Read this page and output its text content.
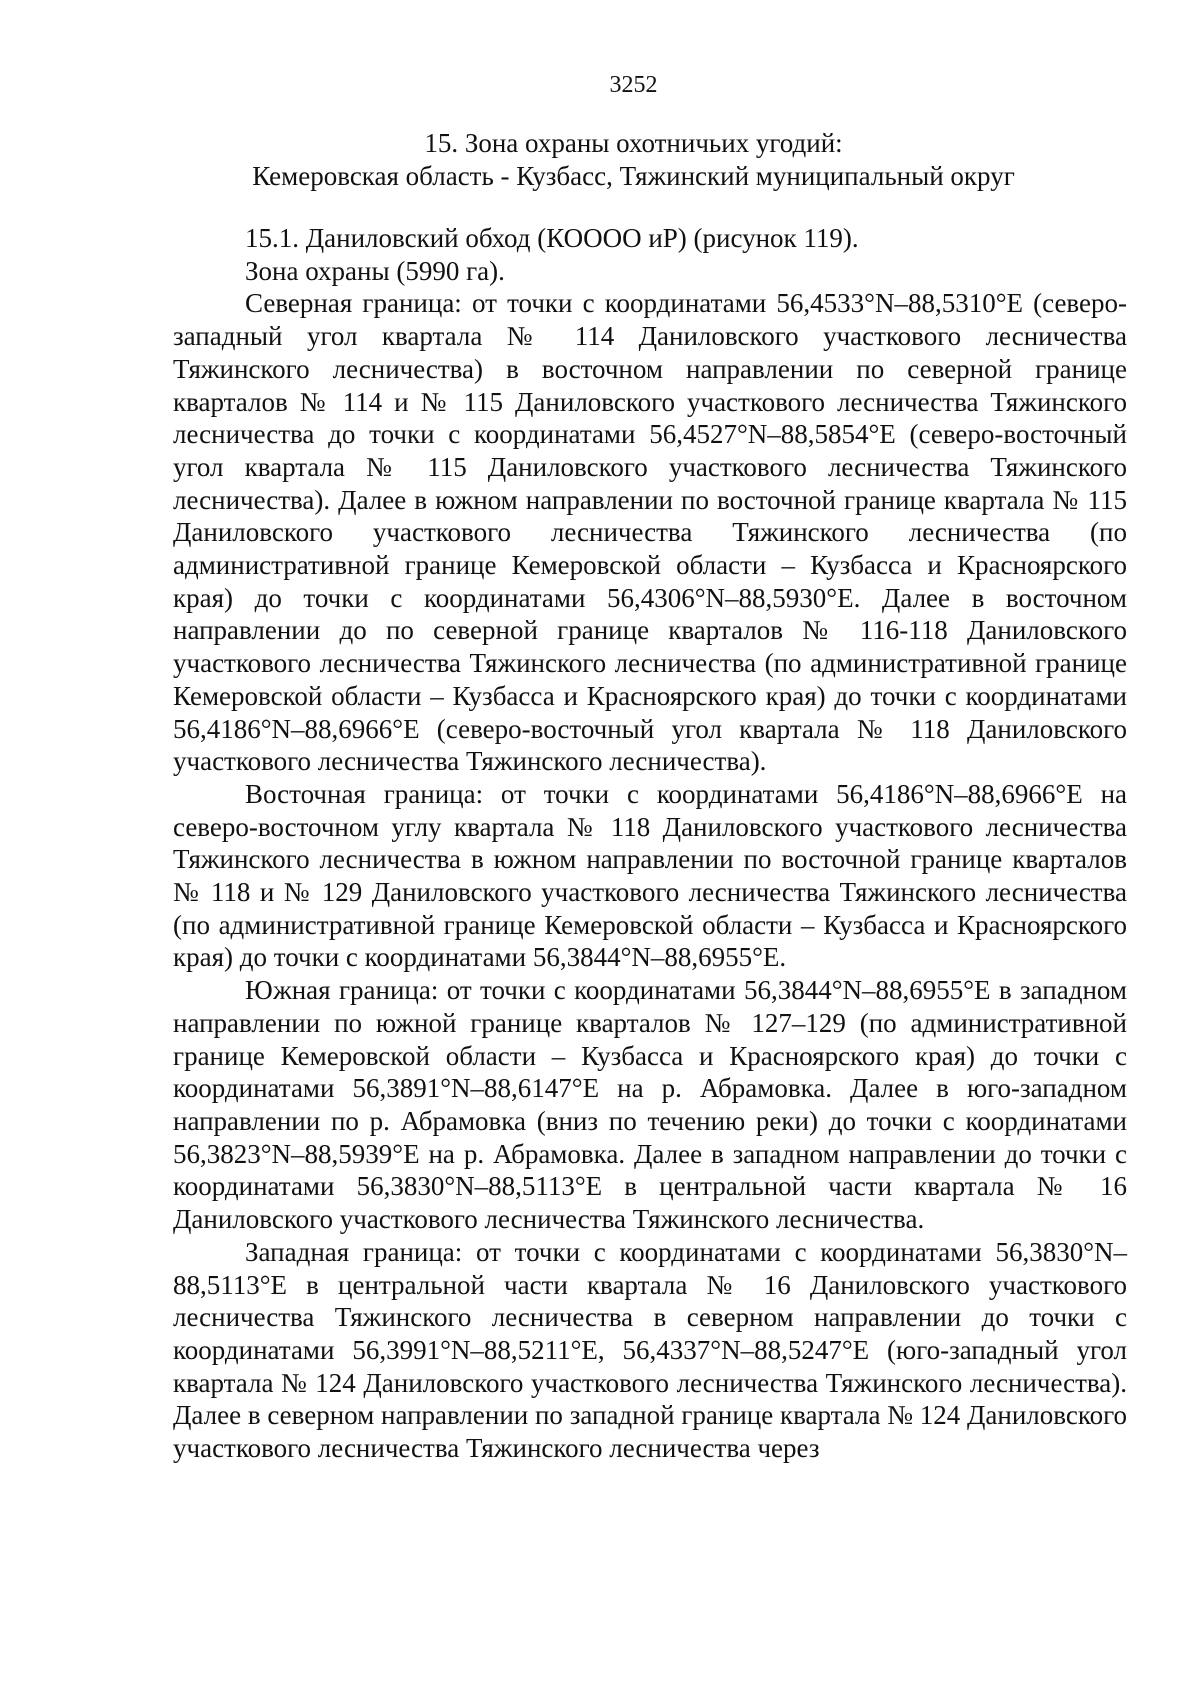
3252
15. Зона охраны охотничьих угодий:
Кемеровская область - Кузбасс, Тяжинский муниципальный округ

15.1. Даниловский обход (КОООО иР) (рисунок 119).

Зона охраны (5990 га).

Северная граница: от точки с координатами 56,4533°N–88,5310°E (северо-западный угол квартала № 114 Даниловского участкового лесничества Тяжинского лесничества) в восточном направлении по северной границе кварталов № 114 и № 115 Даниловского участкового лесничества Тяжинского лесничества до точки с координатами 56,4527°N–88,5854°E (северо-восточный угол квартала № 115 Даниловского участкового лесничества Тяжинского лесничества). Далее в южном направлении по восточной границе квартала № 115 Даниловского участкового лесничества Тяжинского лесничества (по административной границе Кемеровской области – Кузбасса и Красноярского края) до точки с координатами 56,4306°N–88,5930°E. Далее в восточном направлении до по северной границе кварталов № 116-118 Даниловского участкового лесничества Тяжинского лесничества (по административной границе Кемеровской области – Кузбасса и Красноярского края) до точки с координатами 56,4186°N–88,6966°E (северо-восточный угол квартала № 118 Даниловского участкового лесничества Тяжинского лесничества).

Восточная граница: от точки с координатами 56,4186°N–88,6966°E на северо-восточном углу квартала № 118 Даниловского участкового лесничества Тяжинского лесничества в южном направлении по восточной границе кварталов № 118 и № 129 Даниловского участкового лесничества Тяжинского лесничества (по административной границе Кемеровской области – Кузбасса и Красноярского края) до точки с координатами 56,3844°N–88,6955°E.

Южная граница: от точки с координатами 56,3844°N–88,6955°E в западном направлении по южной границе кварталов № 127–129 (по административной границе Кемеровской области – Кузбасса и Красноярского края) до точки с координатами 56,3891°N–88,6147°E на р. Абрамовка. Далее в юго-западном направлении по р. Абрамовка (вниз по течению реки) до точки с координатами 56,3823°N–88,5939°E на р. Абрамовка. Далее в западном направлении до точки с координатами 56,3830°N–88,5113°E в центральной части квартала № 16 Даниловского участкового лесничества Тяжинского лесничества.

Западная граница: от точки с координатами с координатами 56,3830°N–88,5113°E в центральной части квартала № 16 Даниловского участкового лесничества Тяжинского лесничества в северном направлении до точки с координатами 56,3991°N–88,5211°E, 56,4337°N–88,5247°E (юго-западный угол квартала № 124 Даниловского участкового лесничества Тяжинского лесничества). Далее в северном направлении по западной границе квартала № 124 Даниловского участкового лесничества Тяжинского лесничества через
